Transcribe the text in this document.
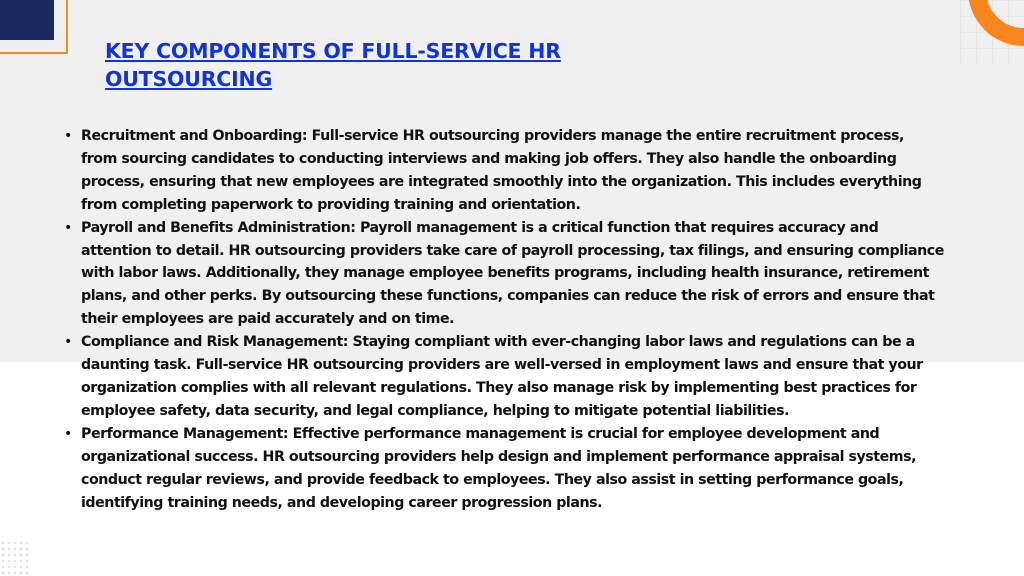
KEY COMPONENTS OF FULL-SERVICE HR OUTSOURCING
• Recruitment and Onboarding: Full-service HR outsourcing providers manage the entire recruitment process, from sourcing candidates to conducting interviews and making job offers. They also handle the onboarding process, ensuring that new employees are integrated smoothly into the organization. This includes everything from completing paperwork to providing training and orientation.
• Payroll and Benefits Administration: Payroll management is a critical function that requires accuracy and attention to detail. HR outsourcing providers take care of payroll processing, tax filings, and ensuring compliance with labor laws. Additionally, they manage employee benefits programs, including health insurance, retirement plans, and other perks. By outsourcing these functions, companies can reduce the risk of errors and ensure that their employees are paid accurately and on time.
• Compliance and Risk Management: Staying compliant with ever-changing labor laws and regulations can be a daunting task. Full-service HR outsourcing providers are well-versed in employment laws and ensure that your organization complies with all relevant regulations. They also manage risk by implementing best practices for employee safety, data security, and legal compliance, helping to mitigate potential liabilities.
• Performance Management: Effective performance management is crucial for employee development and organizational success. HR outsourcing providers help design and implement performance appraisal systems, conduct regular reviews, and provide feedback to employees. They also assist in setting performance goals, identifying training needs, and developing career progression plans.
